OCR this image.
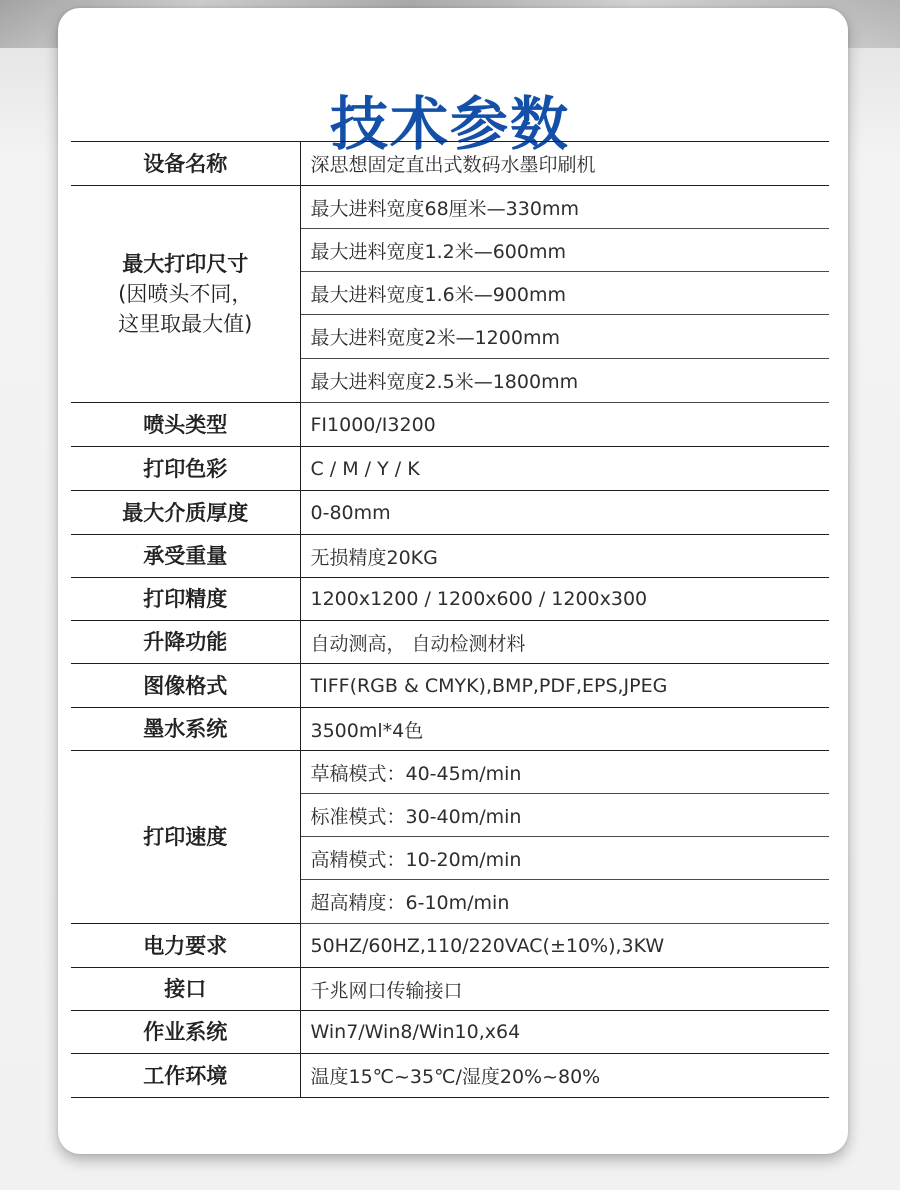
技术参数
设备名称	深思想固定直出式数码水墨印刷机
最大打印尺寸
(因喷头不同，
这里取最大值)	最大进料宽度68厘米—330mm
	最大进料宽度1.2米—600mm
	最大进料宽度1.6米—900mm
	最大进料宽度2米—1200mm
	最大进料宽度2.5米—1800mm
喷头类型	FI1000/I3200
打印色彩	C / M / Y / K
最大介质厚度	0-80mm
承受重量	无损精度20KG
打印精度	1200x1200 / 1200x600 / 1200x300
升降功能	自动测高， 自动检测材料
图像格式	TIFF(RGB & CMYK),BMP,PDF,EPS,JPEG
墨水系统	3500ml*4色
打印速度	草稿模式：40-45m/min
	标准模式：30-40m/min
	高精模式：10-20m/min
	超高精度：6-10m/min
电力要求	50HZ/60HZ,110/220VAC(±10%),3KW
接口	千兆网口传输接口
作业系统	Win7/Win8/Win10,x64
工作环境	温度15℃~35℃/湿度20%~80%
